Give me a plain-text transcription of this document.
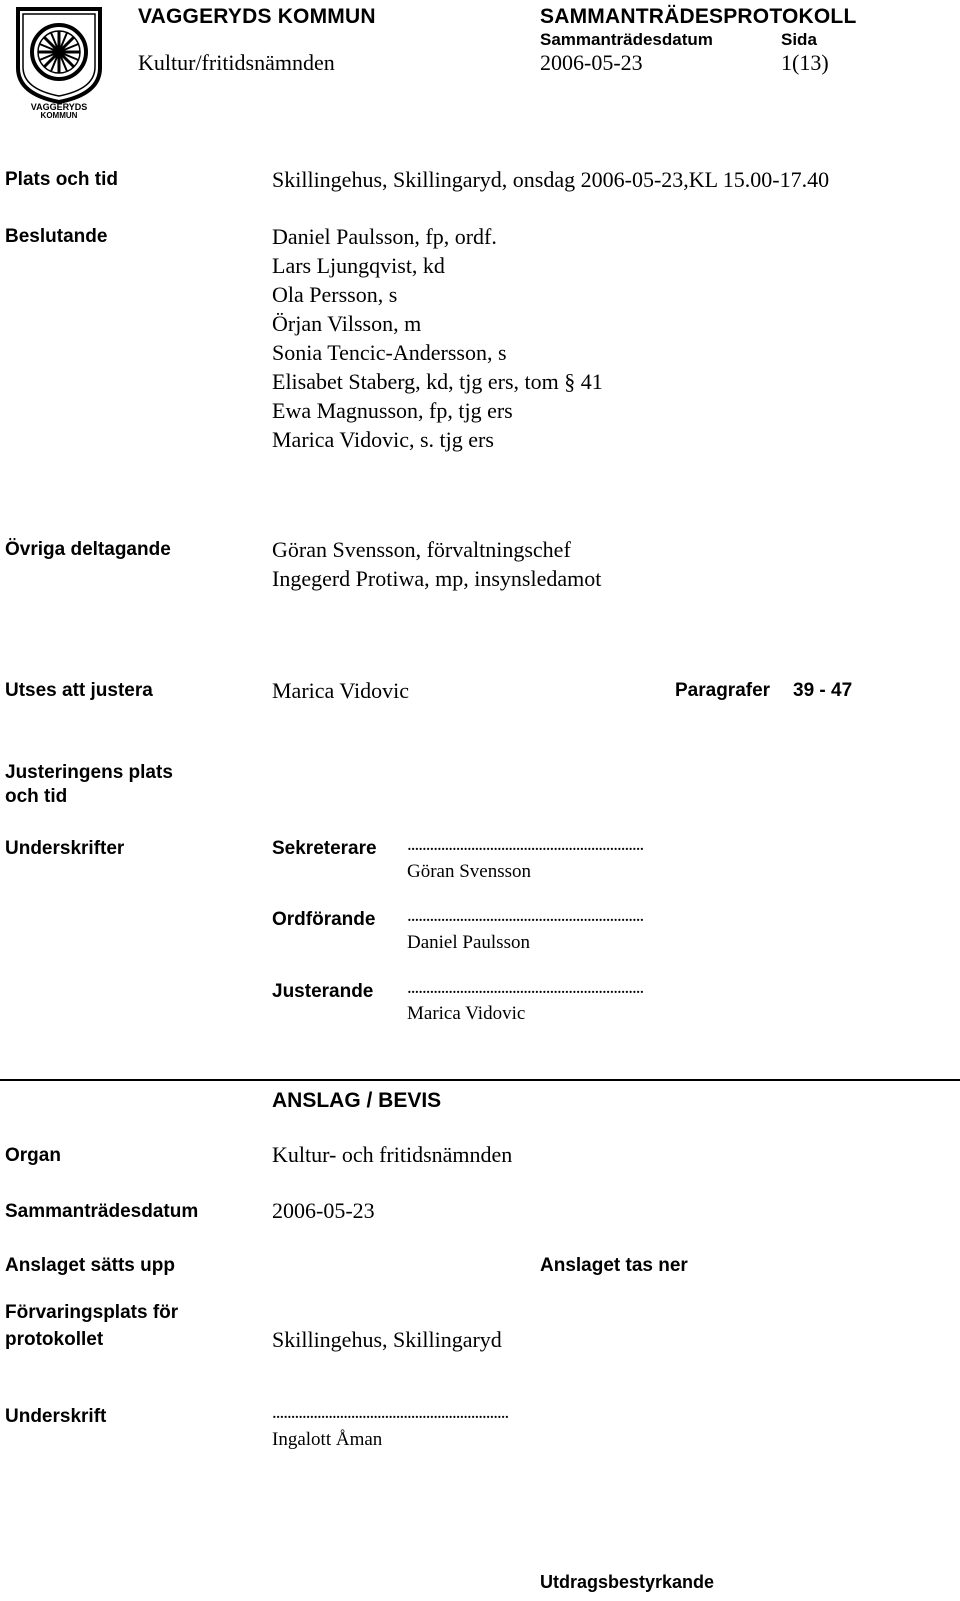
VAGGERYDS
KOMMUN
VAGGERYDS KOMMUN
Kultur/fritidsnämnden
SAMMANTRÄDESPROTOKOLL
Sammanträdesdatum	Sida
2006-05-23	1(13)
Plats och tid	Skillingehus, Skillingaryd, onsdag 2006-05-23,KL 15.00-17.40
Beslutande	Daniel Paulsson, fp, ordf.
Lars Ljungqvist, kd
Ola Persson, s
Örjan Vilsson, m
Sonia Tencic-Andersson, s
Elisabet Staberg, kd, tjg ers, tom § 41
Ewa Magnusson, fp, tjg ers
Marica Vidovic, s. tjg ers
Övriga deltagande	Göran Svensson, förvaltningschef
Ingegerd Protiwa, mp, insynsledamot
Utses att justera	Marica Vidovic	Paragrafer 39 - 47
Justeringens plats
och tid
Underskrifter	Sekreterare ...............................................................
Göran Svensson
Ordförande ...............................................................
Daniel Paulsson
Justerande ...............................................................
Marica Vidovic
ANSLAG / BEVIS
Organ	Kultur- och fritidsnämnden
Sammanträdesdatum	2006-05-23
Anslaget sätts upp	Anslaget tas ner
Förvaringsplats för
protokollet	Skillingehus, Skillingaryd
Underskrift	...............................................................
Ingalott Åman
Utdragsbestyrkande
